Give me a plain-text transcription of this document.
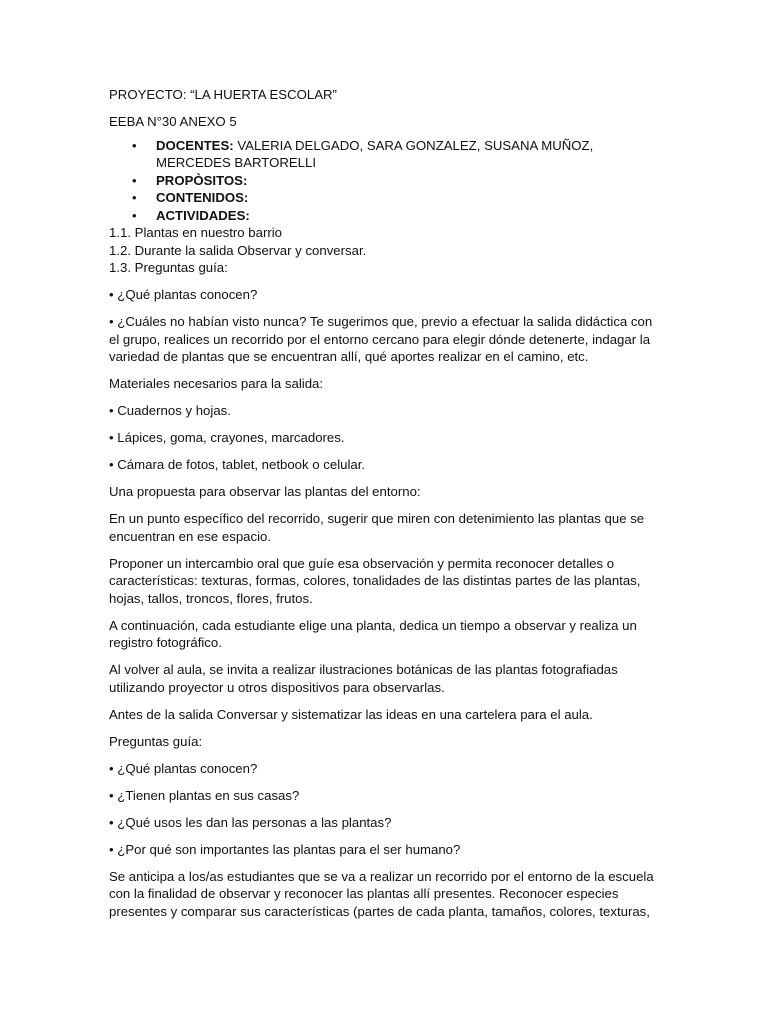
PROYECTO: “LA HUERTA ESCOLAR”

EEBA N°30 ANEXO 5

• DOCENTES: VALERIA DELGADO, SARA GONZALEZ, SUSANA MUÑOZ, MERCEDES BARTORELLI
• PROPÒSITOS:
• CONTENIDOS:
• ACTIVIDADES:

1.1. Plantas en nuestro barrio

1.2. Durante la salida Observar y conversar.

1.3. Preguntas guía:

• ¿Qué plantas conocen?

• ¿Cuáles no habían visto nunca? Te sugerimos que, previo a efectuar la salida didáctica con el grupo, realices un recorrido por el entorno cercano para elegir dónde detenerte, indagar la variedad de plantas que se encuentran allí, qué aportes realizar en el camino, etc.

Materiales necesarios para la salida:

• Cuadernos y hojas.

• Lápices, goma, crayones, marcadores.

• Cámara de fotos, tablet, netbook o celular.

Una propuesta para observar las plantas del entorno:

En un punto específico del recorrido, sugerir que miren con detenimiento las plantas que se encuentran en ese espacio.

Proponer un intercambio oral que guíe esa observación y permita reconocer detalles o características: texturas, formas, colores, tonalidades de las distintas partes de las plantas, hojas, tallos, troncos, flores, frutos.

A continuación, cada estudiante elige una planta, dedica un tiempo a observar y realiza un registro fotográfico.

Al volver al aula, se invita a realizar ilustraciones botánicas de las plantas fotografiadas utilizando proyector u otros dispositivos para observarlas.

Antes de la salida Conversar y sistematizar las ideas en una cartelera para el aula.

Preguntas guía:

• ¿Qué plantas conocen?

• ¿Tienen plantas en sus casas?

• ¿Qué usos les dan las personas a las plantas?

• ¿Por qué son importantes las plantas para el ser humano?

Se anticipa a los/as estudiantes que se va a realizar un recorrido por el entorno de la escuela con la finalidad de observar y reconocer las plantas allí presentes. Reconocer especies presentes y comparar sus características (partes de cada planta, tamaños, colores, texturas,
